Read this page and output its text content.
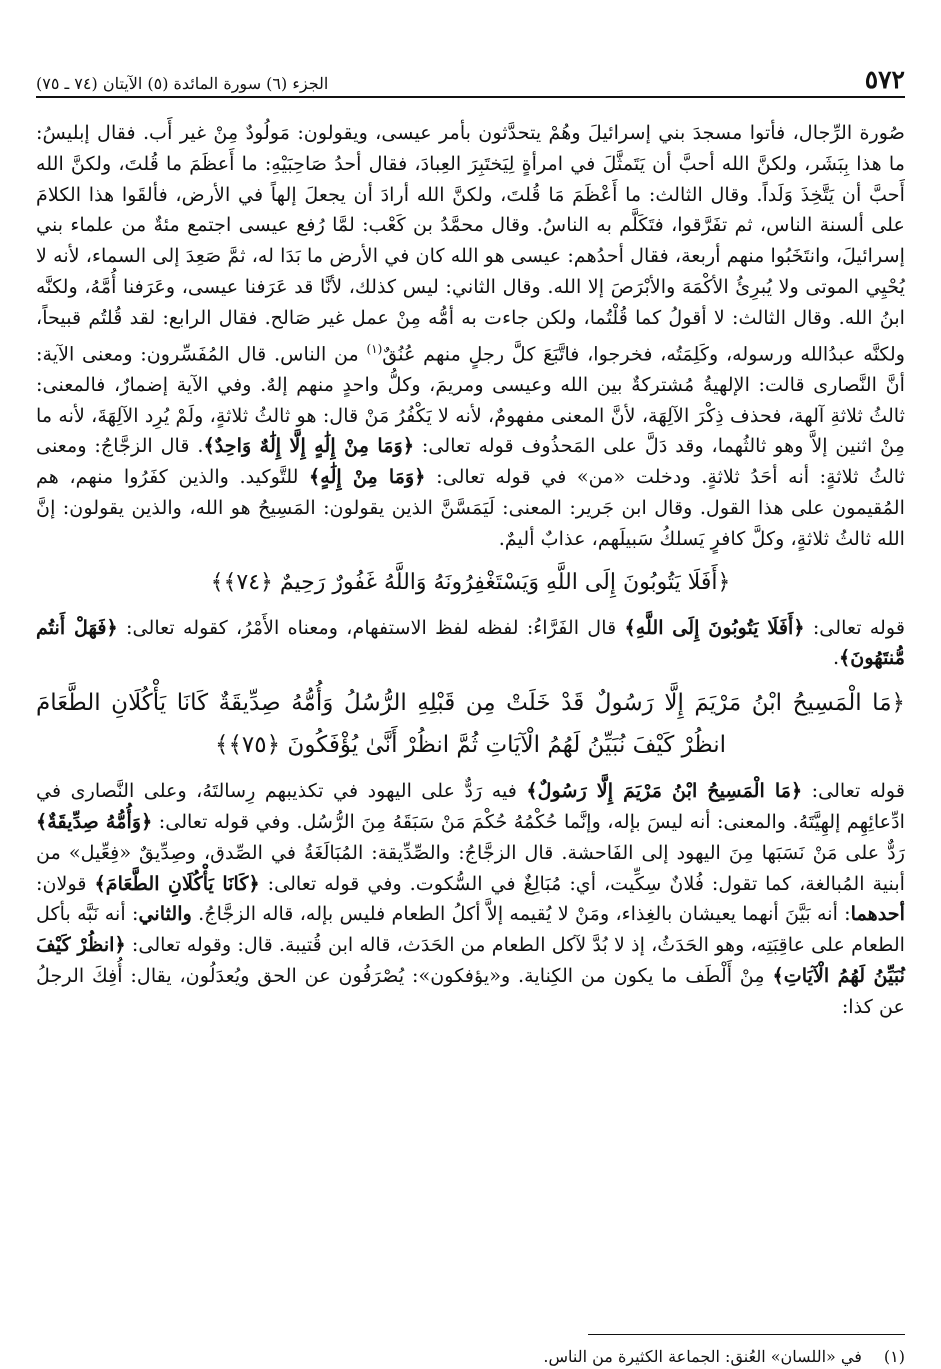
٥٧٢
الجزء (٦) سورة المائدة (٥) الآيتان (٧٤ ـ ٧٥)

صُورة الرِّجال، فأتوا مسجدَ بني إسرائيلَ وهُمْ يتحدَّثون بأمر عيسى، ويقولون: مَولُودٌ مِنْ غير أَب. فقال إبليسُ: ما هذا بِبَشَر، ولكنَّ الله أحبَّ أن يَتَمثَّلَ في امرأةٍ لِيَختَبِرَ العِبادَ، فقال أحدُ صَاحِبَيْهِ: ما أَعظَمَ ما قُلتَ، ولكنَّ الله أَحبَّ أن يَتَّخِذَ وَلَداً. وقال الثالث: ما أَعْظَمَ مَا قُلتَ، ولكنَّ الله أرادَ أن يجعلَ إلهاً في الأرض، فألقَوا هذا الكلامَ على ألسنة الناس، ثم تفَرَّقوا، فتَكَلَّم به الناسُ. وقال محمَّدُ بن كَعْب: لمَّا رُفع عيسى اجتمع مئةٌ من علماء بني إسرائيلَ، وانتَخَبُوا منهم أربعة، فقال أحدُهم: عيسى هو الله كان في الأرض ما بَدَا له، ثمَّ صَعِدَ إلى السماء، لأنه لا يُحْيِي الموتى ولا يُبرِئُ الأكْمَهَ والأبْرَصَ إلا الله. وقال الثاني: ليس كذلك، لأنَّا قد عَرَفنا عيسى، وعَرَفنا أُمَّهُ، ولكنَّه ابنُ الله. وقال الثالث: لا أقولُ كما قُلْتُما، ولكن جاءت به أمُّه مِنْ عمل غير صَالح. فقال الرابع: لقد قُلتُم قبيحاً، ولكنَّه عبدُالله ورسوله، وكَلِمَتُه، فخرجوا، فاتَّبَعَ كلَّ رجلٍ منهم عُنُقٌ$^{(١)}$ من الناس. قال المُفَسِّرون: ومعنى الآية: أنَّ النَّصارى قالت: الإلهيةُ مُشتركةٌ بين الله وعيسى ومريمَ، وكلُّ واحدٍ منهم إلهٌ. وفي الآية إضمارٌ، فالمعنى: ثالثُ ثلاثةِ آلهة، فحذف ذِكْرَ الآلِهَة، لأنَّ المعنى مفهومٌ، لأنه لا يَكْفُرُ مَنْ قال: هو ثالثُ ثلاثةٍ، ولَمْ يُرِد الآلِهَةَ، لأنه ما مِنْ اثنين إلاَّ وهو ثالثُهما، وقد دَلَّ على المَحذُوف قوله تعالى: ﴿وَمَا مِنْ إِلَٰهٍ إِلَّا إِلَٰهٌ وَاحِدٌ﴾. قال الزجَّاجُ: ومعنى ثالثُ ثلاثةٍ: أنه أحَدُ ثلاثةٍ. ودخلت «من» في قوله تعالى: ﴿وَمَا مِنْ إِلَٰهٍ﴾ للتَّوكيد. والذين كفَرُوا منهم، هم المُقيمون على هذا القول. وقال ابن جَرير: المعنى: لَيَمَسَّنَّ الذين يقولون: المَسِيحُ هو الله، والذين يقولون: إنَّ الله ثالثُ ثلاثةٍ، وكلَّ كافرٍ يَسلكُ سَبيلَهم، عذابٌ أليمٌ.

﴿أَفَلَا يَتُوبُونَ إِلَى اللَّهِ وَيَسْتَغْفِرُونَهُ وَاللَّهُ غَفُورٌ رَحِيمٌ ﴿٧٤﴾﴾

قوله تعالى: ﴿أَفَلَا يَتُوبُونَ إِلَى اللَّهِ﴾ قال الفَرَّاءُ: لفظه لفظ الاستفهام، ومعناه الأَمْرُ، كقوله تعالى: ﴿فَهَلْ أَنتُم مُّنتَهُونَ﴾.

﴿مَا الْمَسِيحُ ابْنُ مَرْيَمَ إِلَّا رَسُولٌ قَدْ خَلَتْ مِن قَبْلِهِ الرُّسُلُ وَأُمُّهُ صِدِّيقَةٌ كَانَا يَأْكُلَانِ الطَّعَامَ انظُرْ كَيْفَ نُبَيِّنُ لَهُمُ الْآيَاتِ ثُمَّ انظُرْ أَنَّىٰ يُؤْفَكُونَ ﴿٧٥﴾﴾

قوله تعالى: ﴿مَا الْمَسِيحُ ابْنُ مَرْيَمَ إِلَّا رَسُولٌ﴾ فيه رَدٌّ على اليهود في تكذيبهم رِسالتَهُ، وعلى النَّصارى في ادِّعائِهِم إلهِيَّتَهُ. والمعنى: أنه ليسَ بإله، وإنَّما حُكْمُهُ حُكْمَ مَنْ سَبَقَهُ مِنَ الرُّسُل. وفي قوله تعالى: ﴿وَأُمُّهُ صِدِّيقَةٌ﴾ رَدٌّ على مَنْ نَسَبَها مِنَ اليهود إلى الفَاحشة. قال الزجَّاجُ: والصِّدِّيقة: المُبَالَغَةُ في الصِّدق، وصِدِّيقٌ «فِعِّيل» من أبنية المُبالغة، كما تقول: فُلانٌ سِكِّيت، أي: مُبَالِغٌ في السُّكوت. وفي قوله تعالى: ﴿كَانَا يَأْكُلَانِ الطَّعَامَ﴾ قولان: أحدهما: أنه بَيَّنَ أنهما يعيشان بالغِذاء، ومَنْ لا يُقيمه إلاَّ أكلُ الطعام فليس بإله، قاله الزجَّاجُ. والثاني: أنه نَبَّه بأكل الطعام على عاقِبَتِه، وهو الحَدَثُ، إذ لا بُدَّ لآكل الطعام من الحَدَث، قاله ابن قُتيبة. قال: وقوله تعالى: ﴿انظُرْ كَيْفَ نُبَيِّنُ لَهُمُ الْآيَاتِ﴾ مِنْ أَلْطَف ما يكون من الكِناية. و«يؤفكون»: يُصْرَفُون عن الحق ويُعدَلُون، يقال: أُفِكَ الرجلُ عن كذا:

(١)في «اللسان» العُنق: الجماعة الكثيرة من الناس.
